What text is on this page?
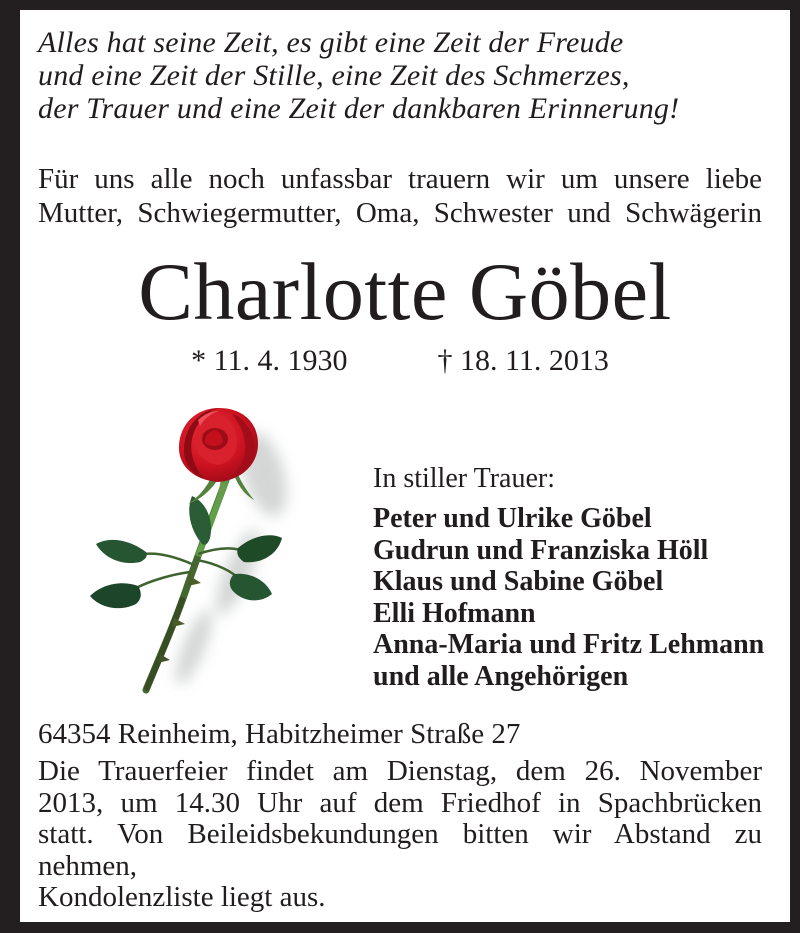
Alles hat seine Zeit, es gibt eine Zeit der Freude
und eine Zeit der Stille, eine Zeit des Schmerzes,
der Trauer und eine Zeit der dankbaren Erinnerung!
Für uns alle noch unfassbar trauern wir um unsere liebe
Mutter, Schwiegermutter, Oma, Schwester und Schwägerin
Charlotte Göbel
* 11. 4. 1930	† 18. 11. 2013
In stiller Trauer:
Peter und Ulrike Göbel
Gudrun und Franziska Höll
Klaus und Sabine Göbel
Elli Hofmann
Anna-Maria und Fritz Lehmann
und alle Angehörigen
64354 Reinheim, Habitzheimer Straße 27
Die Trauerfeier findet am Dienstag, dem 26. November
2013, um 14.30 Uhr auf dem Friedhof in Spachbrücken
statt. Von Beileidsbekundungen bitten wir Abstand zu nehmen,
Kondolenzliste liegt aus.
